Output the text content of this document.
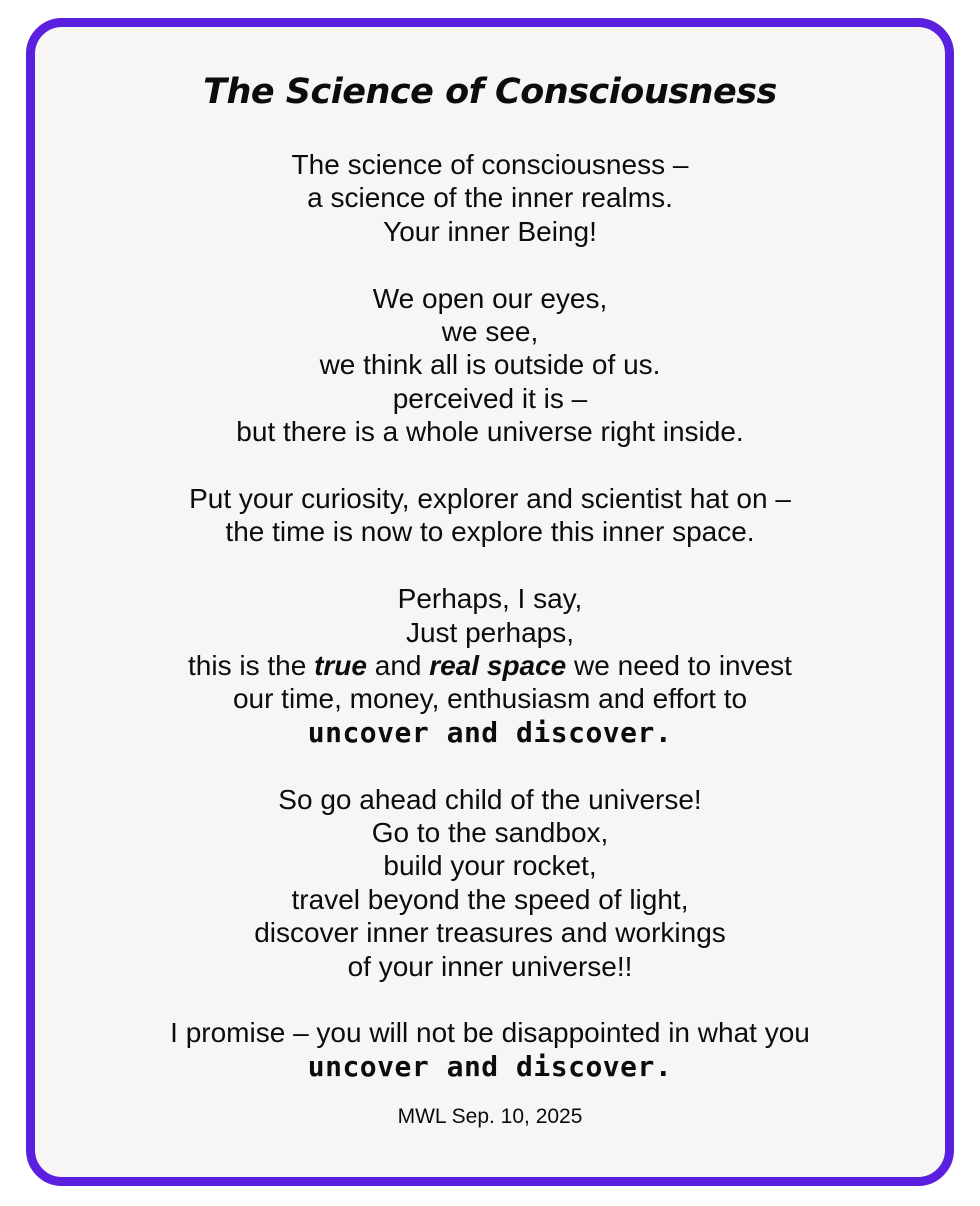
The Science of Consciousness
The science of consciousness –
a science of the inner realms.
Your inner Being!
We open our eyes,
we see,
we think all is outside of us.
perceived it is –
but there is a whole universe right inside.
Put your curiosity, explorer and scientist hat on –
the time is now to explore this inner space.
Perhaps, I say,
Just perhaps,
this is the true and real space we need to invest
our time, money, enthusiasm and effort to
uncover and discover.
So go ahead child of the universe!
Go to the sandbox,
build your rocket,
travel beyond the speed of light,
discover inner treasures and workings
of your inner universe!!
I promise – you will not be disappointed in what you
uncover and discover.
MWL Sep. 10, 2025
